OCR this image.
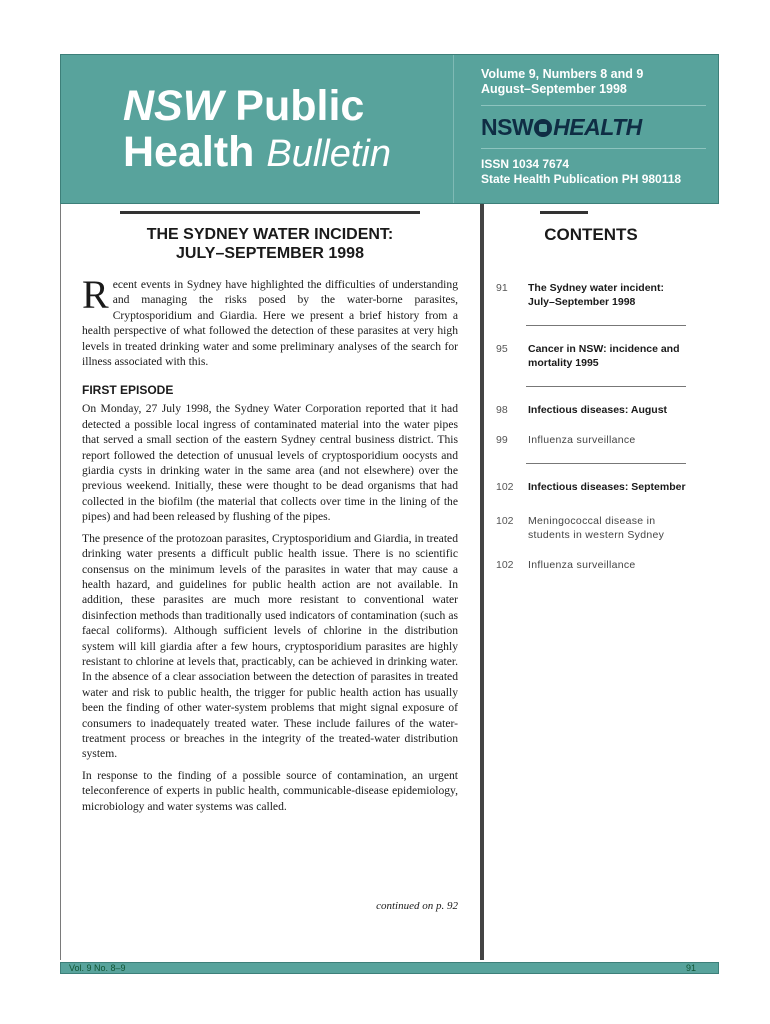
NSW Public
Health Bulletin
Volume 9, Numbers 8 and 9
August–September 1998
NSW HEALTH
ISSN 1034 7674
State Health Publication PH 980118
THE SYDNEY WATER INCIDENT:
JULY–SEPTEMBER 1998

Recent events in Sydney have highlighted the difficulties of understanding and managing the risks posed by the water-borne parasites, Cryptosporidium and Giardia. Here we present a brief history from a health perspective of what followed the detection of these parasites at very high levels in treated drinking water and some preliminary analyses of the search for illness associated with this.

FIRST EPISODE

On Monday, 27 July 1998, the Sydney Water Corporation reported that it had detected a possible local ingress of contaminated material into the water pipes that served a small section of the eastern Sydney central business district. This report followed the detection of unusual levels of cryptosporidium oocysts and giardia cysts in drinking water in the same area (and not elsewhere) over the previous weekend. Initially, these were thought to be dead organisms that had collected in the biofilm (the material that collects over time in the lining of the pipes) and had been released by flushing of the pipes.

The presence of the protozoan parasites, Cryptosporidium and Giardia, in treated drinking water presents a difficult public health issue. There is no scientific consensus on the minimum levels of the parasites in water that may cause a health hazard, and guidelines for public health action are not available. In addition, these parasites are much more resistant to conventional water disinfection methods than traditionally used indicators of contamination (such as faecal coliforms). Although sufficient levels of chlorine in the distribution system will kill giardia after a few hours, cryptosporidium parasites are highly resistant to chlorine at levels that, practicably, can be achieved in drinking water. In the absence of a clear association between the detection of parasites in treated water and risk to public health, the trigger for public health action has usually been the finding of other water-system problems that might signal exposure of consumers to inadequately treated water. These include failures of the water-treatment process or breaches in the integrity of the treated-water distribution system.

In response to the finding of a possible source of contamination, an urgent teleconference of experts in public health, communicable-disease epidemiology, microbiology and water systems was called.

continued on p. 92
CONTENTS
91	The Sydney water incident: July–September 1998
95	Cancer in NSW: incidence and mortality 1995
98	Infectious diseases: August
99	Influenza surveillance
102	Infectious diseases: September
102	Meningococcal disease in students in western Sydney
102	Influenza surveillance
Vol. 9 No. 8–9	91
